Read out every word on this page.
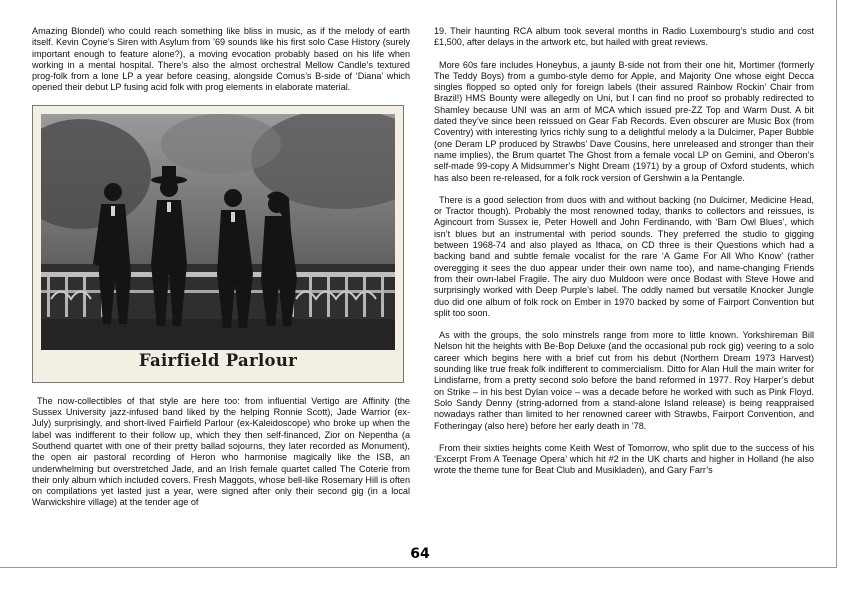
Amazing Blondel) who could reach something like bliss in music, as if the melody of earth itself. Kevin Coyne’s Siren with Asylum from ’69 sounds like his first solo Case History (surely important enough to feature alone?), a moving evocation probably based on his life when working in a mental hospital. There’s also the almost orchestral Mellow Candle’s textured prog-folk from a lone LP a year before ceasing, alongside Comus’s B-side of ‘Diana’ which opened their debut LP fusing acid folk with prog elements in elaborate material.

Fairfield Parlour

The now-collectibles of that style are here too: from influential Vertigo are Affinity (the Sussex University jazz-infused band liked by the helping Ronnie Scott), Jade Warrior (ex-July) surprisingly, and short-lived Fairfield Parlour (ex-Kaleidoscope) who broke up when the label was indifferent to their follow up, which they then self-financed, Zior on Nepentha (a Southend quartet with one of their pretty ballad sojourns, they later recorded as Monument), the open air pastoral recording of Heron who harmonise magically like the ISB, an underwhelming but overstretched Jade, and an Irish female quartet called The Coterie from their only album which included covers. Fresh Maggots, whose bell-like Rosemary Hill is often on compilations yet lasted just a year, were signed after only their second gig (in a local Warwickshire village) at the tender age of

19. Their haunting RCA album took several months in Radio Luxembourg’s studio and cost £1,500, after delays in the artwork etc, but hailed with great reviews.

More 60s fare includes Honeybus, a jaunty B-side not from their one hit, Mortimer (formerly The Teddy Boys) from a gumbo-style demo for Apple, and Majority One whose eight Decca singles flopped so opted only for foreign labels (their assured Rainbow Rockin’ Chair from Brazil!) HMS Bounty were allegedly on Uni, but I can find no proof so probably redirected to Shamley because UNI was an arm of MCA which issued pre-ZZ Top and Warm Dust. A bit dated they’ve since been reissued on Gear Fab Records. Even obscurer are Music Box (from Coventry) with interesting lyrics richly sung to a delightful melody a la Dulcimer, Paper Bubble (one Deram LP produced by Strawbs’ Dave Cousins, here unreleased and stronger than their name implies), the Brum quartet The Ghost from a female vocal LP on Gemini, and Oberon’s self-made 99-copy A Midsummer’s Night Dream (1971) by a group of Oxford students, which has also been re-released, for a folk rock version of Gershwin a la Pentangle.

There is a good selection from duos with and without backing (no Dulcimer, Medicine Head, or Tractor though). Probably the most renowned today, thanks to collectors and reissues, is Agincourt from Sussex ie, Peter Howell and John Ferdinando, with ‘Barn Owl Blues’, which isn’t blues but an instrumental with period sounds. They preferred the studio to gigging between 1968-74 and also played as Ithaca, on CD three is their Questions which had a backing band and subtle female vocalist for the rare ‘A Game For All Who Know’ (rather overegging it sees the duo appear under their own name too), and name-changing Friends from their own-label Fragile. The airy duo Muldoon were once Bodast with Steve Howe and surprisingly worked with Deep Purple’s label. The oddly named but versatile Knocker Jungle duo did one album of folk rock on Ember in 1970 backed by some of Fairport Convention but split too soon.

As with the groups, the solo minstrels range from more to little known. Yorkshireman Bill Nelson hit the heights with Be-Bop Deluxe (and the occasional pub rock gig) veering to a solo career which begins here with a brief cut from his debut (Northern Dream 1973 Harvest) sounding like true freak folk indifferent to commercialism. Ditto for Alan Hull the main writer for Lindisfarne, from a pretty second solo before the band reformed in 1977. Roy Harper’s debut on Strike – in his best Dylan voice – was a decade before he worked with such as Pink Floyd. Solo Sandy Denny (string-adorned from a stand-alone Island release) is being reappraised nowadays rather than limited to her renowned career with Strawbs, Fairport Convention, and Fotheringay (also here) before her early death in ’78.

From their sixties heights come Keith West of Tomorrow, who split due to the success of his ‘Excerpt From A Teenage Opera’ which hit #2 in the UK charts and higher in Holland (he also wrote the theme tune for Beat Club and Musikladen), and Gary Farr’s

64
